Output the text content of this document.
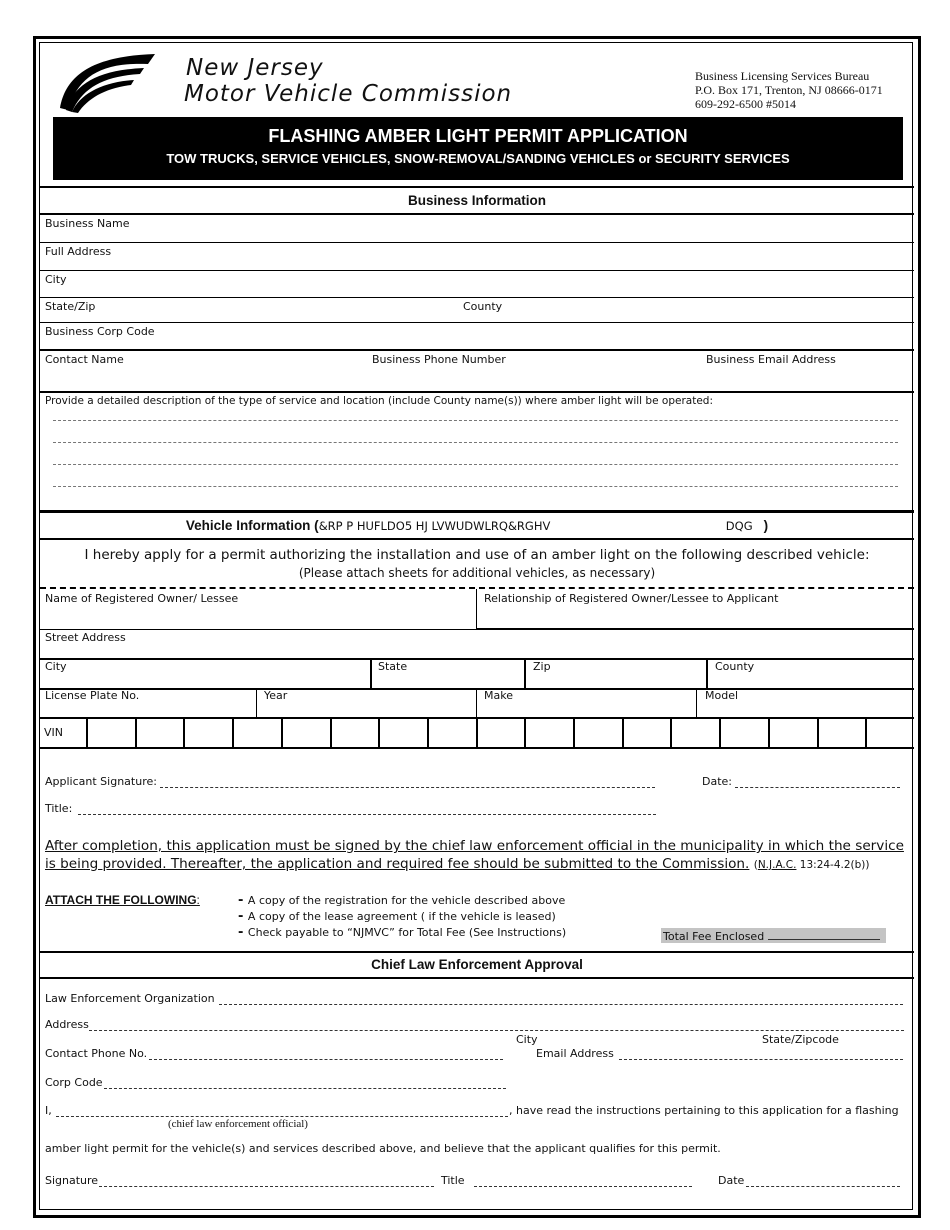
New Jersey
Motor Vehicle Commission
Business Licensing Services Bureau
P.O. Box 171, Trenton, NJ 08666-0171
609-292-6500 #5014
FLASHING AMBER LIGHT PERMIT APPLICATION
TOW TRUCKS, SERVICE VEHICLES, SNOW-REMOVAL/SANDING VEHICLES or SECURITY SERVICES
Business Information
Business Name
Full Address
City
State/Zip	County
Business Corp Code
Contact Name	Business Phone Number	Business Email Address
Provide a detailed description of the type of service and location (include County name(s)) where amber light will be operated:
Vehicle Information (&RP P HUFLDO5 HJ LVWUDWLRQ&RGHV                                                DQG   )
I hereby apply for a permit authorizing the installation and use of an amber light on the following described vehicle:
(Please attach sheets for additional vehicles, as necessary)
Name of Registered Owner/ Lessee	Relationship of Registered Owner/Lessee to Applicant
Street Address
City	State	Zip	County
License Plate No.	Year	Make	Model
VIN
Applicant Signature:	Date:
Title:
After completion, this application must be signed by the chief law enforcement official in the municipality in which the service is being provided. Thereafter, the application and required fee should be submitted to the Commission. (N.J.A.C. 13:24-4.2(b))
ATTACH THE FOLLOWING:
-	A copy of the registration for the vehicle described above
- A copy of the lease agreement ( if the vehicle is leased)
- Check payable to “NJMVC” for Total Fee (See Instructions)	Total Fee Enclosed
Chief Law Enforcement Approval
Law Enforcement Organization
Address
City	State/Zipcode
Contact Phone No.	Email Address
Corp Code
I,	, have read the instructions pertaining to this application for a flashing
(chief law enforcement official)
amber light permit for the vehicle(s) and services described above, and believe that the applicant qualifies for this permit.
Signature	Title	Date
